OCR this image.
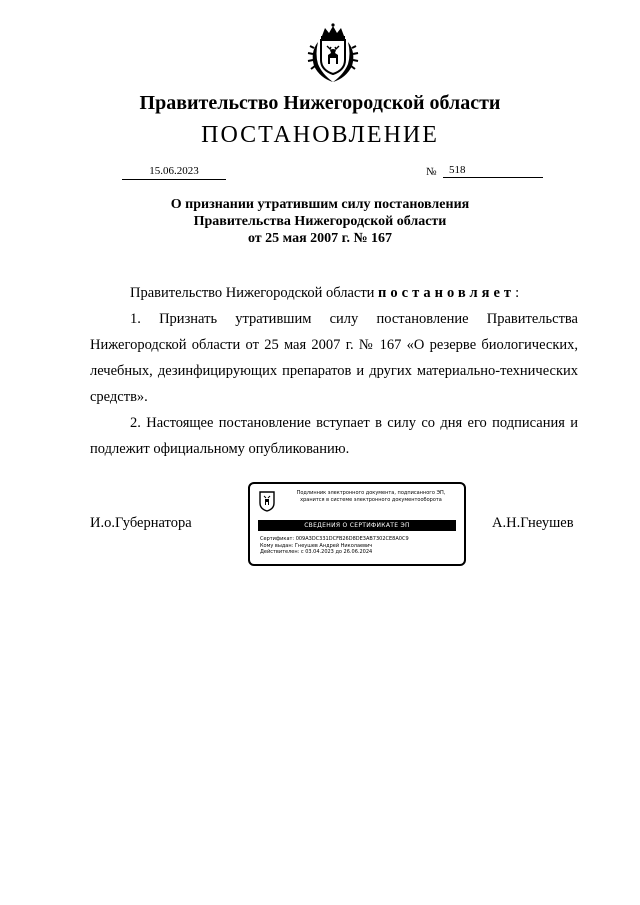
Правительство Нижегородской области
ПОСТАНОВЛЕНИЕ
15.06.2023	№	518
О признании утратившим силу постановления
Правительства Нижегородской области
от 25 мая 2007 г. № 167

Правительство Нижегородской области постановляет:

1. Признать утратившим силу постановление Правительства Нижегородской области от 25 мая 2007 г. № 167 «О резерве биологических, лечебных, дезинфицирующих препаратов и других материально-технических средств».

2. Настоящее постановление вступает в силу со дня его подписания и подлежит официальному опубликованию.

И.о.Губернатора
Подлинник электронного документа, подписанного ЭП,
хранится в системе электронного документооборота
СВЕДЕНИЯ О СЕРТИФИКАТЕ ЭП
Сертификат: 009A3DC331DCFB26D8DE3AB7302CE8A0C9
Кому выдан: Гнеушев Андрей Николаевич
Действителен: с 03.04.2023 до 26.06.2024
А.Н.Гнеушев
